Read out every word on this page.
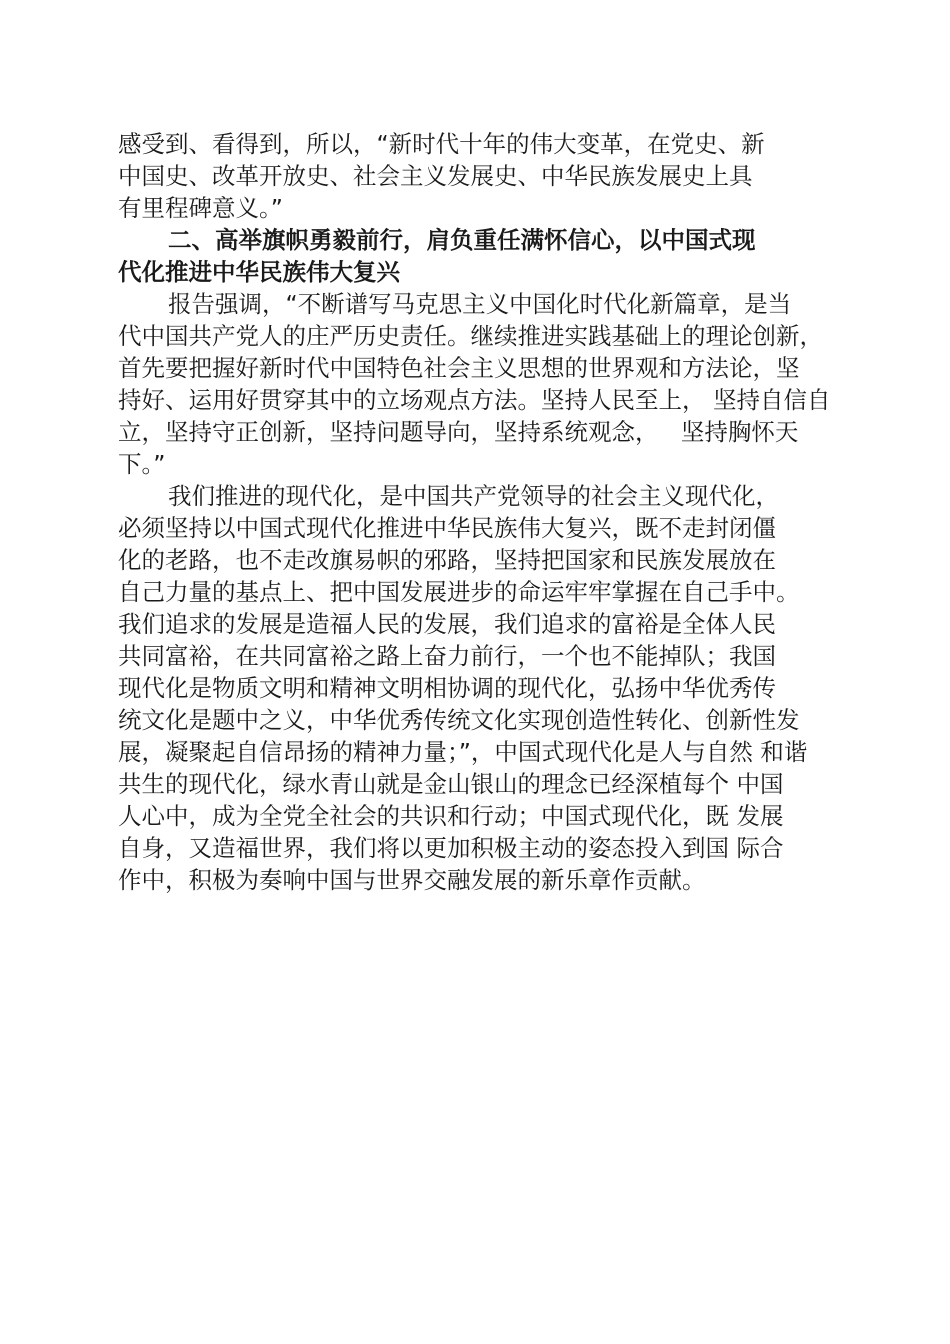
感受到、看得到，所以，“新时代十年的伟大变革，在党史、新
中国史、改革开放史、社会主义发展史、中华民族发展史上具
有里程碑意义。”
二、高举旗帜勇毅前行，肩负重任满怀信心，以中国式现
代化推进中华民族伟大复兴
报告强调，“不断谱写马克思主义中国化时代化新篇章，是当
代中国共产党人的庄严历史责任。继续推进实践基础上的理论创新，
首先要把握好新时代中国特色社会主义思想的世界观和方法论，坚
持好、运用好贯穿其中的立场观点方法。坚持人民至上， 坚持自信自
立，坚持守正创新，坚持问题导向，坚持系统观念，   坚持胸怀天
下。”
我们推进的现代化，是中国共产党领导的社会主义现代化，
必须坚持以中国式现代化推进中华民族伟大复兴，既不走封闭僵
化的老路，也不走改旗易帜的邪路，坚持把国家和民族发展放在
自己力量的基点上、把中国发展进步的命运牢牢掌握在自己手中。
我们追求的发展是造福人民的发展，我们追求的富裕是全体人民
共同富裕，在共同富裕之路上奋力前行，一个也不能掉队；我国
现代化是物质文明和精神文明相协调的现代化，弘扬中华优秀传
统文化是题中之义，中华优秀传统文化实现创造性转化、创新性发
展，凝聚起自信昂扬的精神力量；”，中国式现代化是人与自然 和谐
共生的现代化，绿水青山就是金山银山的理念已经深植每个 中国
人心中，成为全党全社会的共识和行动；中国式现代化，既 发展
自身，又造福世界，我们将以更加积极主动的姿态投入到国 际合
作中，积极为奏响中国与世界交融发展的新乐章作贡献。
